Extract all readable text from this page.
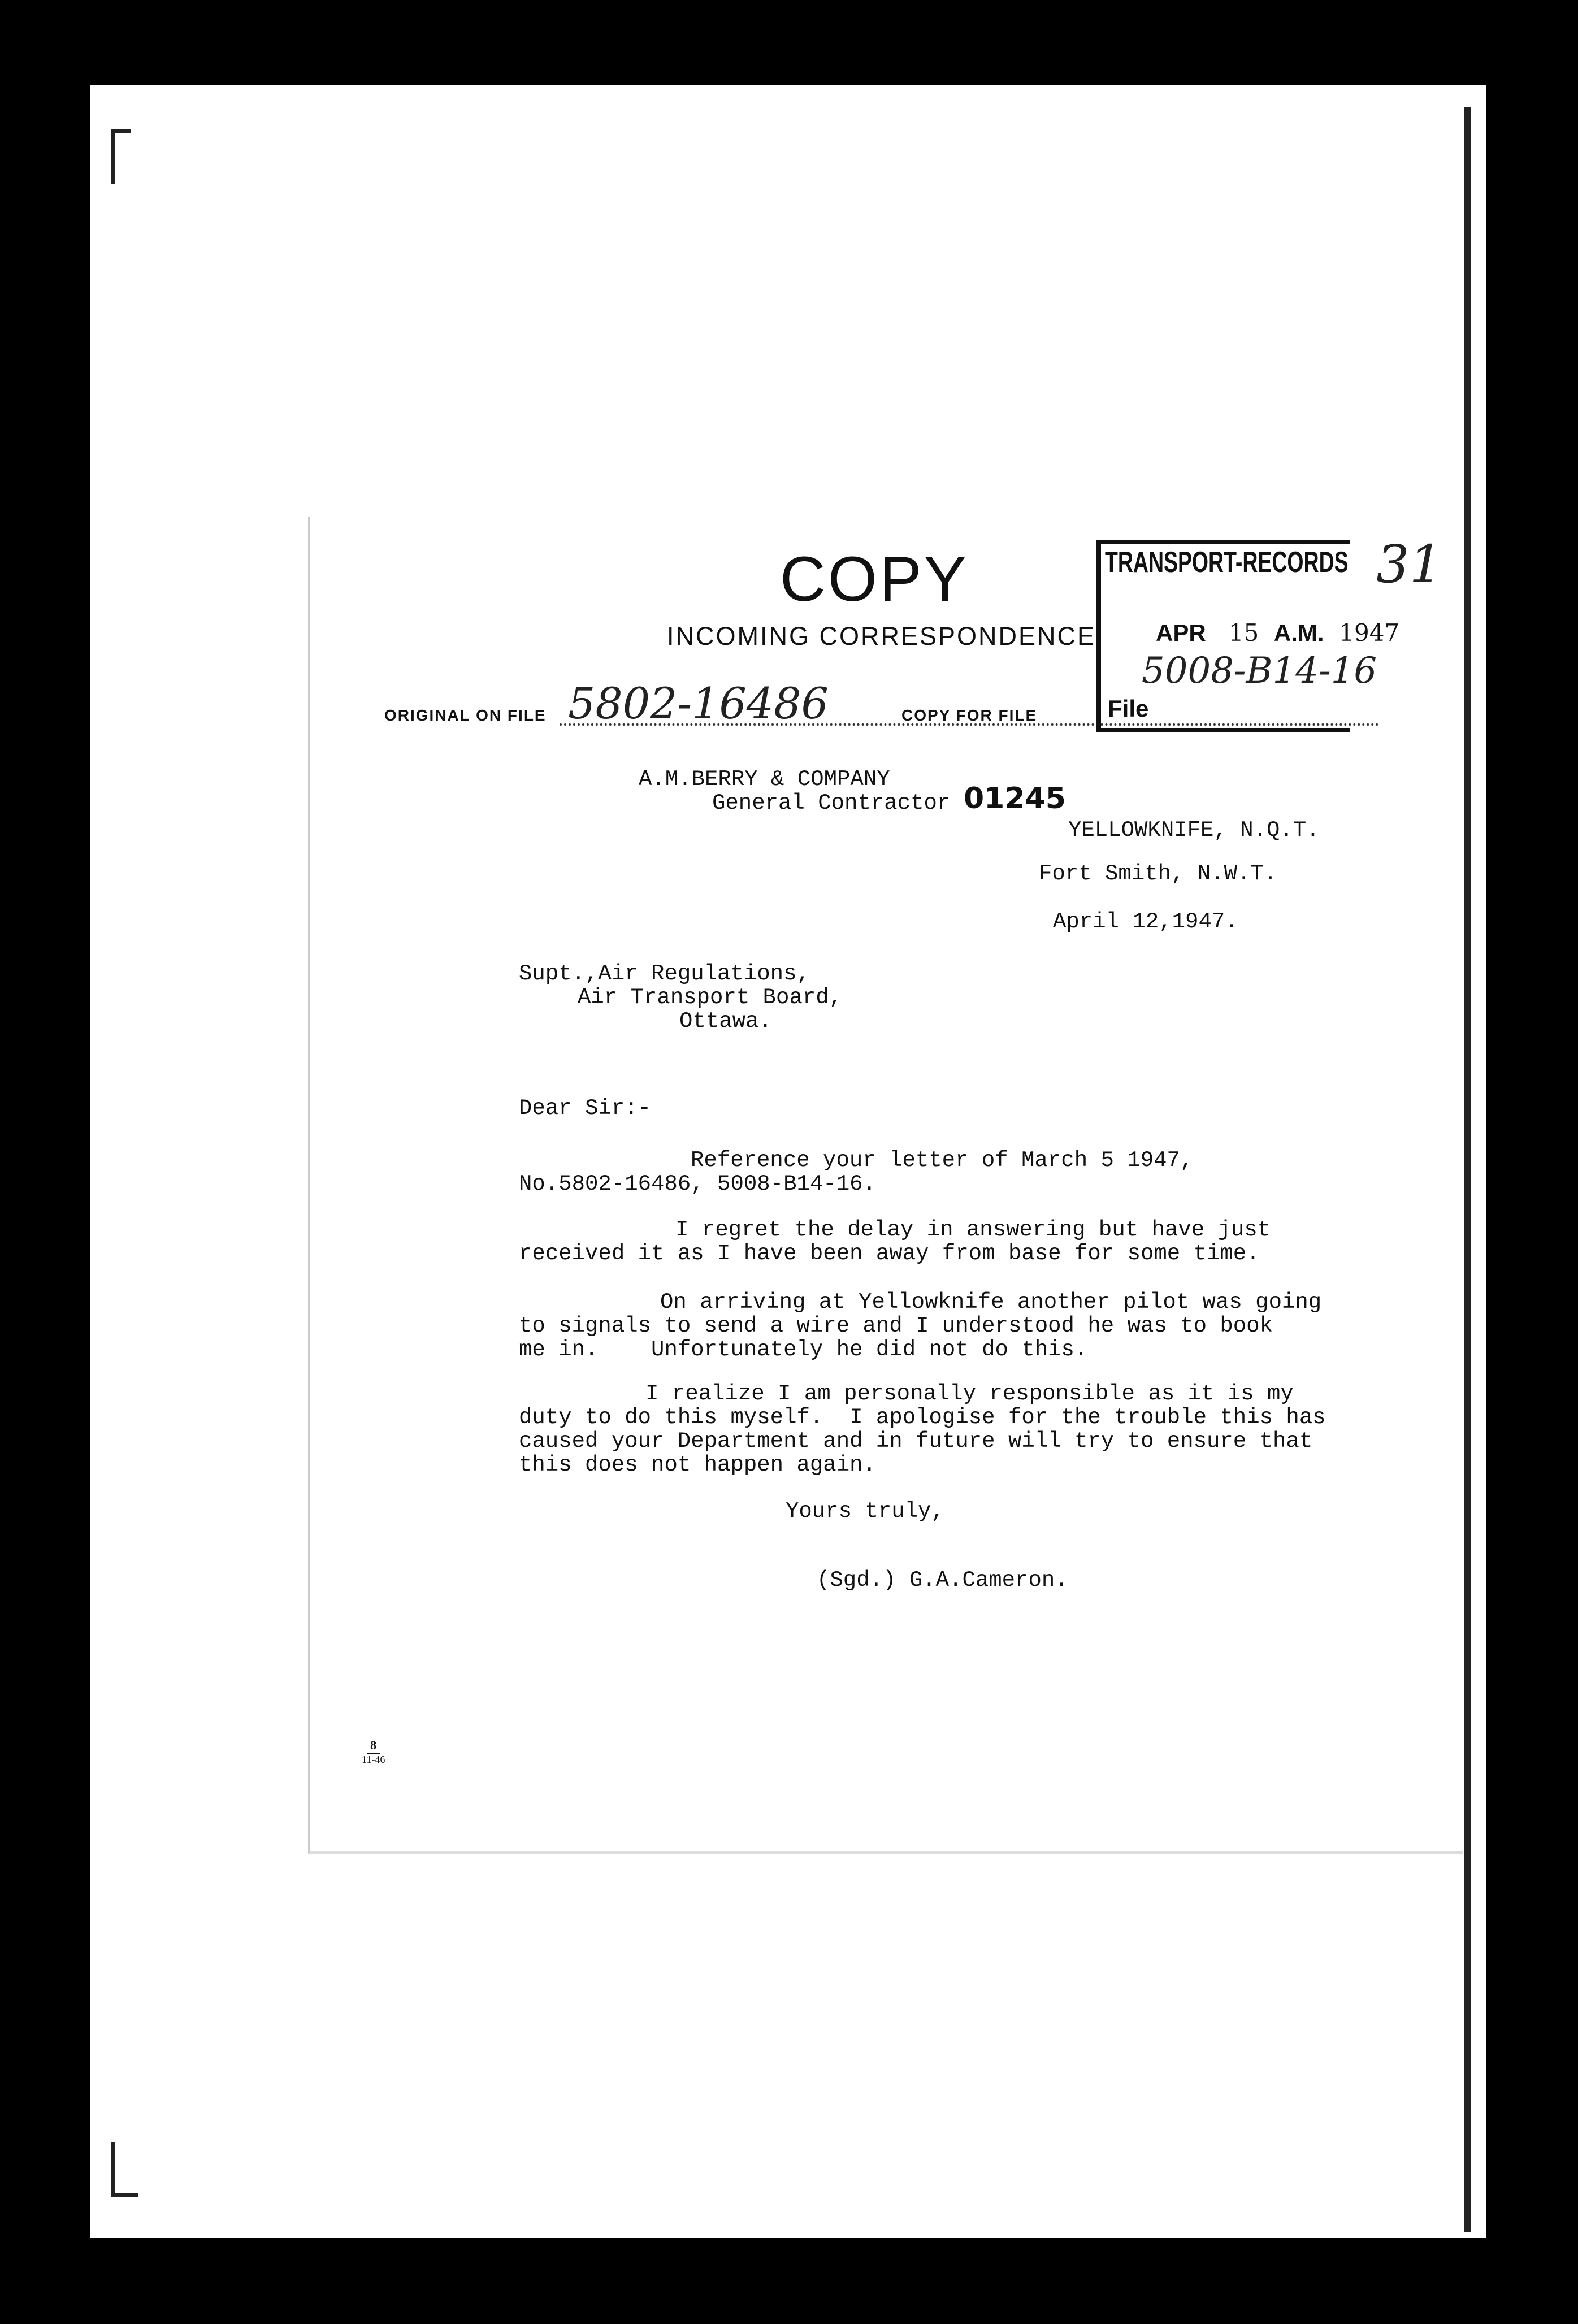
COPY
INCOMING CORRESPONDENCE
ORIGINAL ON FILE 5802-16486	COPY FOR FILE
TRANSPORT-RECORDS
APR 15 A.M. 1947
5008-B14-16
File
31
A.M.BERRY & COMPANY
General Contractor 01245
YELLOWKNIFE, N.Q.T.
Fort Smith, N.W.T.
April 12,1947.
Supt.,Air Regulations,
Air Transport Board,
Ottawa.
Dear Sir:-
Reference your letter of March 5 1947,
No.5802-16486, 5008-B14-16.
I regret the delay in answering but have just
received it as I have been away from base for some time.
On arriving at Yellowknife another pilot was going
to signals to send a wire and I understood he was to book
me in.    Unfortunately he did not do this.
I realize I am personally responsible as it is my
duty to do this myself.  I apologise for the trouble this has
caused your Department and in future will try to ensure that
this does not happen again.
Yours truly,
(Sgd.) G.A.Cameron.
8
11-46
